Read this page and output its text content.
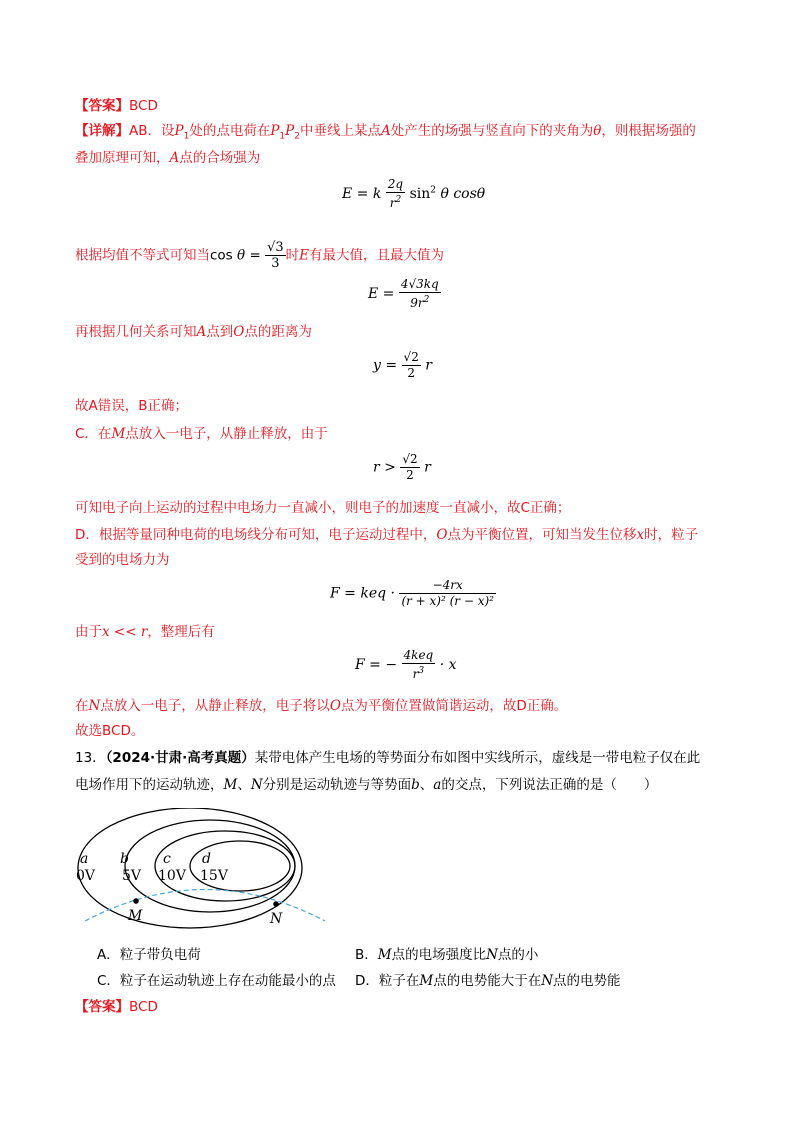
【答案】BCD
【详解】AB．设$P_1$处的点电荷在$P_1P_2$中垂线上某点A处产生的场强与竖直向下的夹角为θ，则根据场强的
叠加原理可知，A点的合场强为
E = k $\frac{2q}{r^2} \sin^2 \theta$ cosθ
根据均值不等式可知当$\cos \theta = \frac{√3}{3}$ 时E有最大值，且最大值为
$E = \frac{4√3kq}{9r^2}$
再根据几何关系可知A点到O点的距离为
$y = \frac{√2}{2}$ r
故A错误，B正确；
C．在M点放入一电子，从静止释放，由于
$r > \frac{√2}{2}$ r
可知电子向上运动的过程中电场力一直减小，则电子的加速度一直减小，故C正确；
D．根据等量同种电荷的电场线分布可知，电子运动过程中，O点为平衡位置，可知当发生位移x时，粒子
受到的电场力为
F = keq · $\frac{-4rx}{\text{(r + x)² (r − x)²}}$
由于x << r，整理后有
F = − $\frac{\text{4keq}}{r^3} \cdot x$
在N点放入一电子，从静止释放，电子将以O点为平衡位置做简谐运动，故D正确。
故选BCD。
13．（2024·甘肃·高考真题）某带电体产生电场的等势面分布如图中实线所示，虚线是一带电粒子仅在此
电场作用下的运动轨迹，M、N分别是运动轨迹与等势面b、a的交点，下列说法正确的是（　　）
a
0V
b
5V
c
10V
d
15V
M	N
A．粒子带负电荷	B．M点的电场强度比N点的小
C．粒子在运动轨迹上存在动能最小的点 D．粒子在M点的电势能大于在N点的电势能
【答案】BCD
